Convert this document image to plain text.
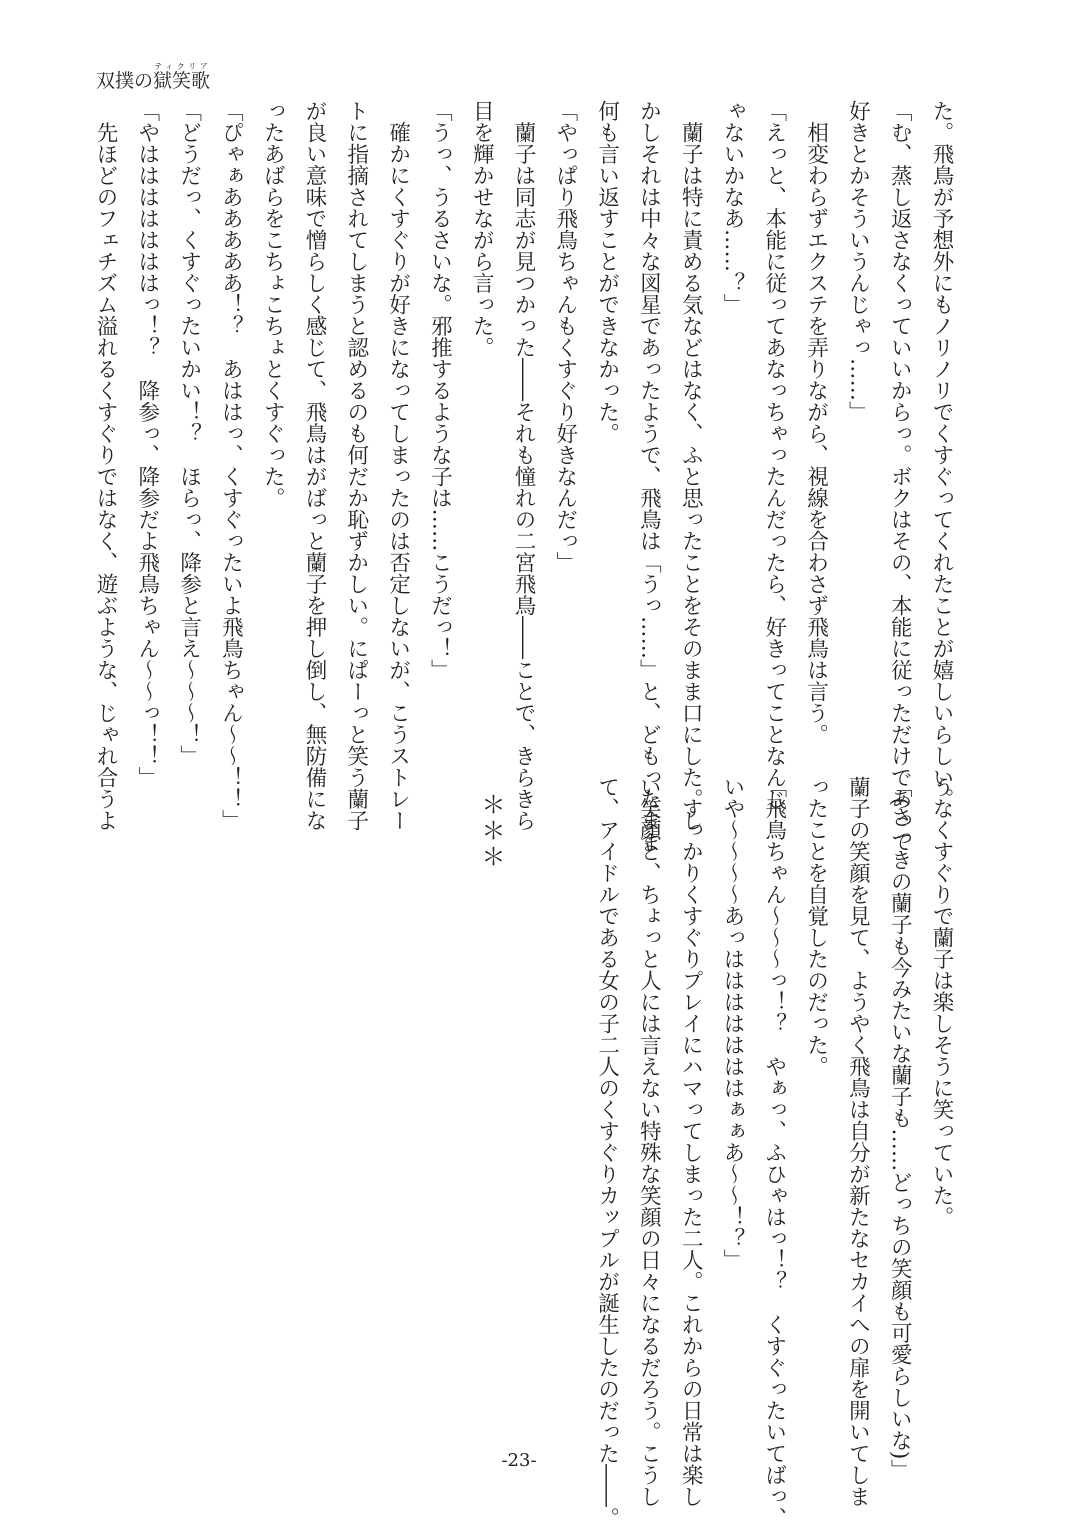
双撲の獄笑歌ティクリア
た。飛鳥が予想外にもノリノリでくすぐってくれたことが嬉しいらしい。
「む、蒸し返さなくっていいからっ。ボクはその、本能に従っただけであって
好きとかそういうんじゃっ……」
　相変わらずエクステを弄りながら、視線を合わさず飛鳥は言う。
「えっと、本能に従ってあなっちゃったんだったら、好きってことなんじ
ゃないかなあ……？」
　蘭子は特に責める気などはなく、ふと思ったことをそのまま口にした。し
かしそれは中々な図星であったようで、飛鳥は「うっ……」と、どもったまま
何も言い返すことができなかった。
「やっぱり飛鳥ちゃんもくすぐり好きなんだっ」
　蘭子は同志が見つかった――それも憧れの二宮飛鳥――ことで、きらきら
目を輝かせながら言った。
「うっ、うるさいな。邪推するような子は……こうだっ！」
　確かにくすぐりが好きになってしまったのは否定しないが、こうストレー
トに指摘されてしまうと認めるのも何だか恥ずかしい。にぱーっと笑う蘭子
が良い意味で憎らしく感じて、飛鳥はがばっと蘭子を押し倒し、無防備にな
ったあばらをこちょこちょとくすぐった。
「ぴゃぁあああああ！？　あははっ、くすぐったいよ飛鳥ちゃん〜〜！！」
「どうだっ、くすぐったいかい！？　ほらっ、降参と言え〜〜〜！」
「やはははははははっ！？　降参っ、降参だよ飛鳥ちゃん〜〜っ！！」
　先ほどのフェチズム溢れるくすぐりではなく、遊ぶような、じゃれ合うよ
うなくすぐりで蘭子は楽しそうに笑っていた。
「(さっきの蘭子も今みたいな蘭子も……どっちの笑顔も可愛らしいな)」
蘭子の笑顔を見て、ようやく飛鳥は自分が新たなセカイへの扉を開いてしま
ったことを自覚したのだった。
「飛鳥ちゃん〜〜〜っ！？　やぁっ、ふひゃはっ！？　くすぐったいてばっ、
いや〜〜〜〜あっはははははははぁぁあ〜〜！？」
　すっかりくすぐりプレイにハマってしまった二人。これからの日常は楽し
い笑顔と、ちょっと人には言えない特殊な笑顔の日々になるだろう。こうし
て、アイドルである女の子二人のくすぐりカップルが誕生したのだった――。
＊＊＊
-23-
